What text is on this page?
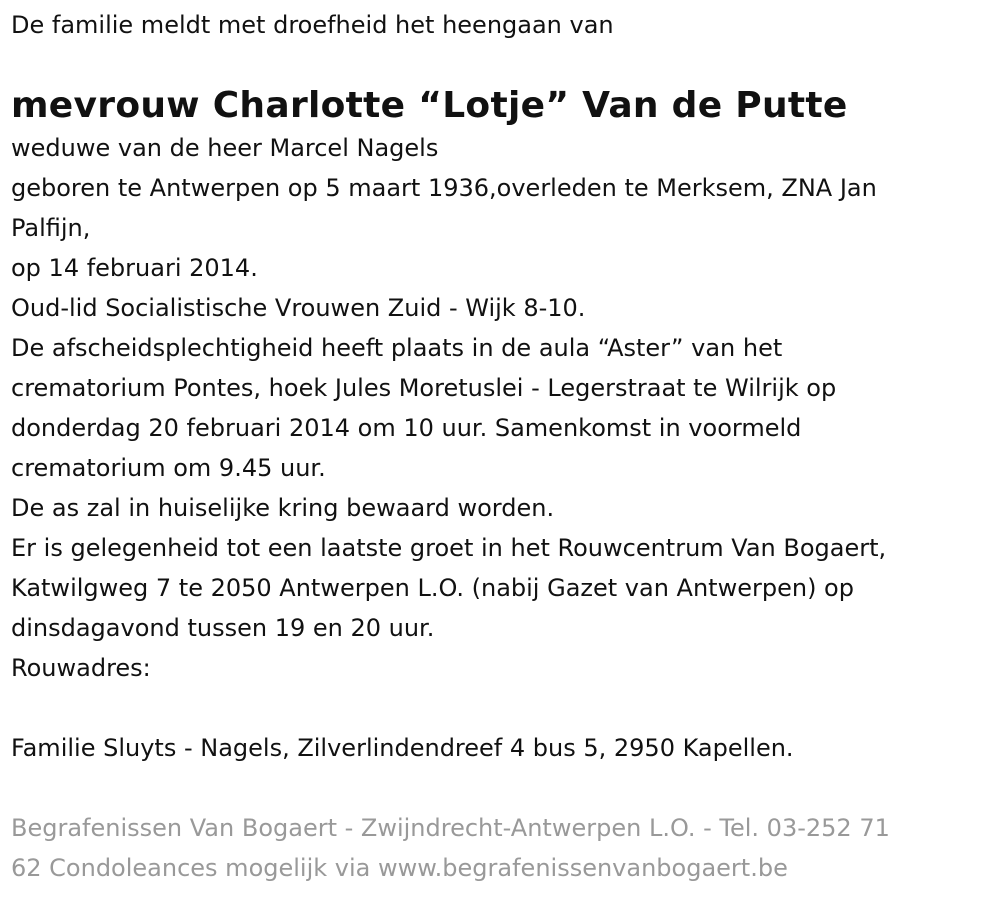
De familie meldt met droefheid het heengaan van

mevrouw Charlotte “Lotje” Van de Putte
weduwe van de heer Marcel Nagels
geboren te Antwerpen op 5 maart 1936,overleden te Merksem, ZNA Jan
Palfijn,
op 14 februari 2014.
Oud-lid Socialistische Vrouwen Zuid - Wijk 8-10.
De afscheidsplechtigheid heeft plaats in de aula “Aster” van het
crematorium Pontes, hoek Jules Moretuslei - Legerstraat te Wilrijk op
donderdag 20 februari 2014 om 10 uur. Samenkomst in voormeld
crematorium om 9.45 uur.
De as zal in huiselijke kring bewaard worden.
Er is gelegenheid tot een laatste groet in het Rouwcentrum Van Bogaert,
Katwilgweg 7 te 2050 Antwerpen L.O. (nabij Gazet van Antwerpen) op
dinsdagavond tussen 19 en 20 uur.
Rouwadres:
Familie Sluyts - Nagels, Zilverlindendreef 4 bus 5, 2950 Kapellen.
Begrafenissen Van Bogaert - Zwijndrecht-Antwerpen L.O. - Tel. 03-252 71
62 Condoleances mogelijk via www.begrafenissenvanbogaert.be
